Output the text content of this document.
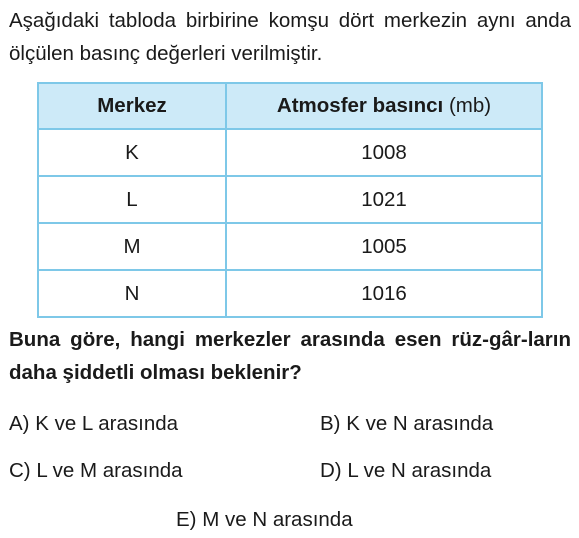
Aşağıdaki tabloda birbirine komşu dört merkezin aynı anda ölçülen basınç değerleri verilmiştir.

Merkez	Atmosfer basıncı (mb)
K	1008
L	1021
M	1005
N	1016

Buna göre, hangi merkezler arasında esen rüz-gâr-ların daha şiddetli olması beklenir?

A) K ve L arasında	B) K ve N arasında
C) L ve M arasında	D) L ve N arasında
E) M ve N arasında
